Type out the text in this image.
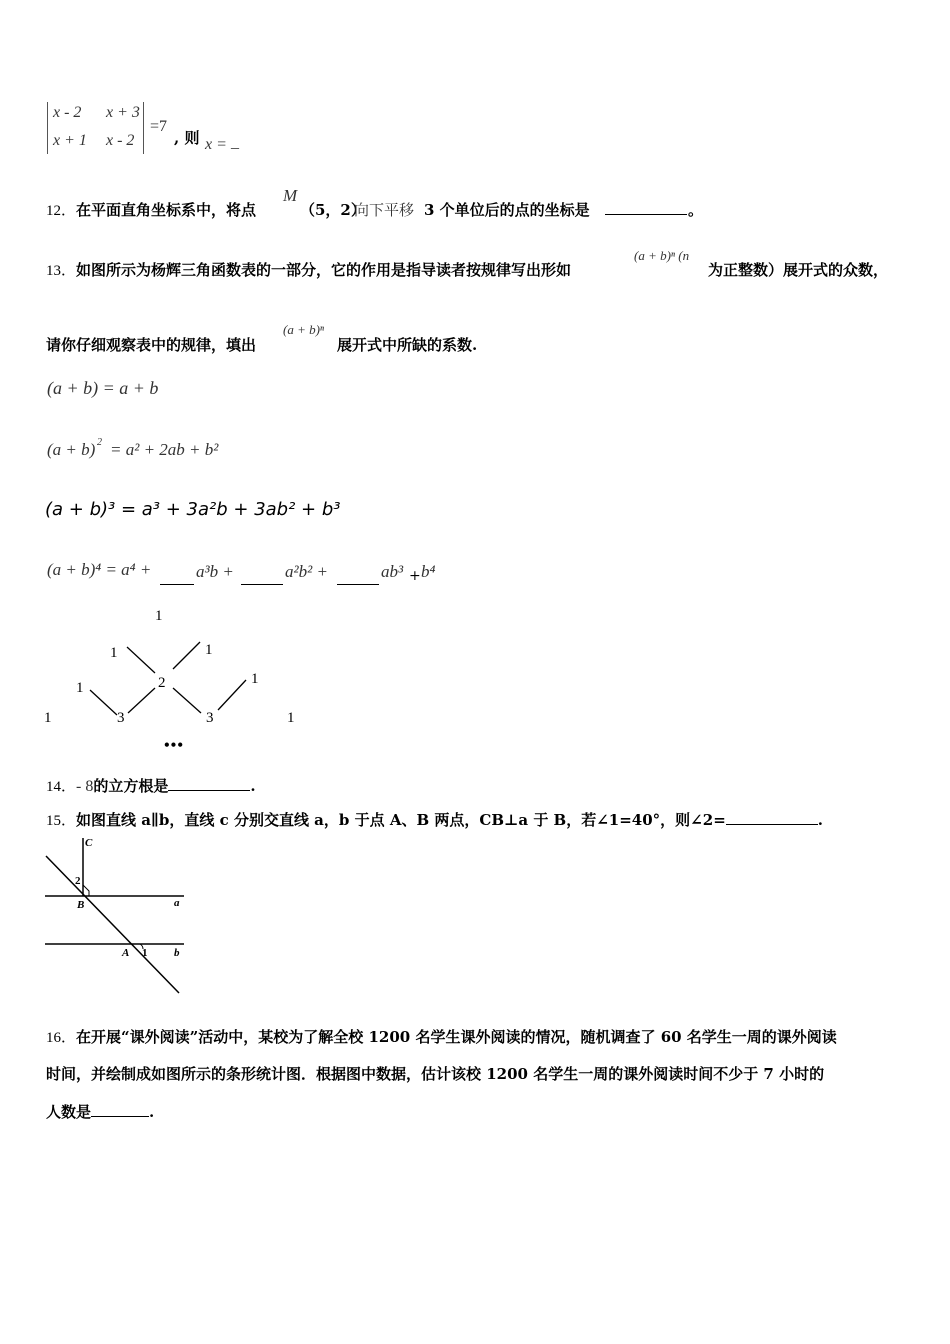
x - 2 x + 3
x + 1 x - 2
=7
, 则 x = _
12．在平面直角坐标系中，将点
M
（5，2）
向下平移 3 个单位后的点的坐标是	。
13．如图所示为杨辉三角函数表的一部分，它的作用是指导读者按规律写出形如
(a + b)ⁿ (n
为正整数）展开式的众数，
请你仔细观察表中的规律，填出
(a + b)ⁿ
展开式中所缺的系数.
(a + b) = a + b
(a + b) 2 = a² + 2ab + b²
(a + b)³ = a³ + 3a²b + 3ab² + b³
(a + b)⁴ = a⁴ +	a³b +	a²b² +	ab³ + b⁴
1
1	1
1	2	1
1	3	3	1
•••
14．- 8的立方根是	.
15．如图直线 a∥b，直线 c 分别交直线 a，b 于点 A、B 两点，CB⊥a 于 B，若∠1=40°，则∠2=	.
C
2
B	a
A 1 b
16．在开展“课外阅读”活动中，某校为了解全校 1200 名学生课外阅读的情况，随机调查了 60 名学生一周的课外阅读
时间，并绘制成如图所示的条形统计图．根据图中数据，估计该校 1200 名学生一周的课外阅读时间不少于 7 小时的
人数是	.
